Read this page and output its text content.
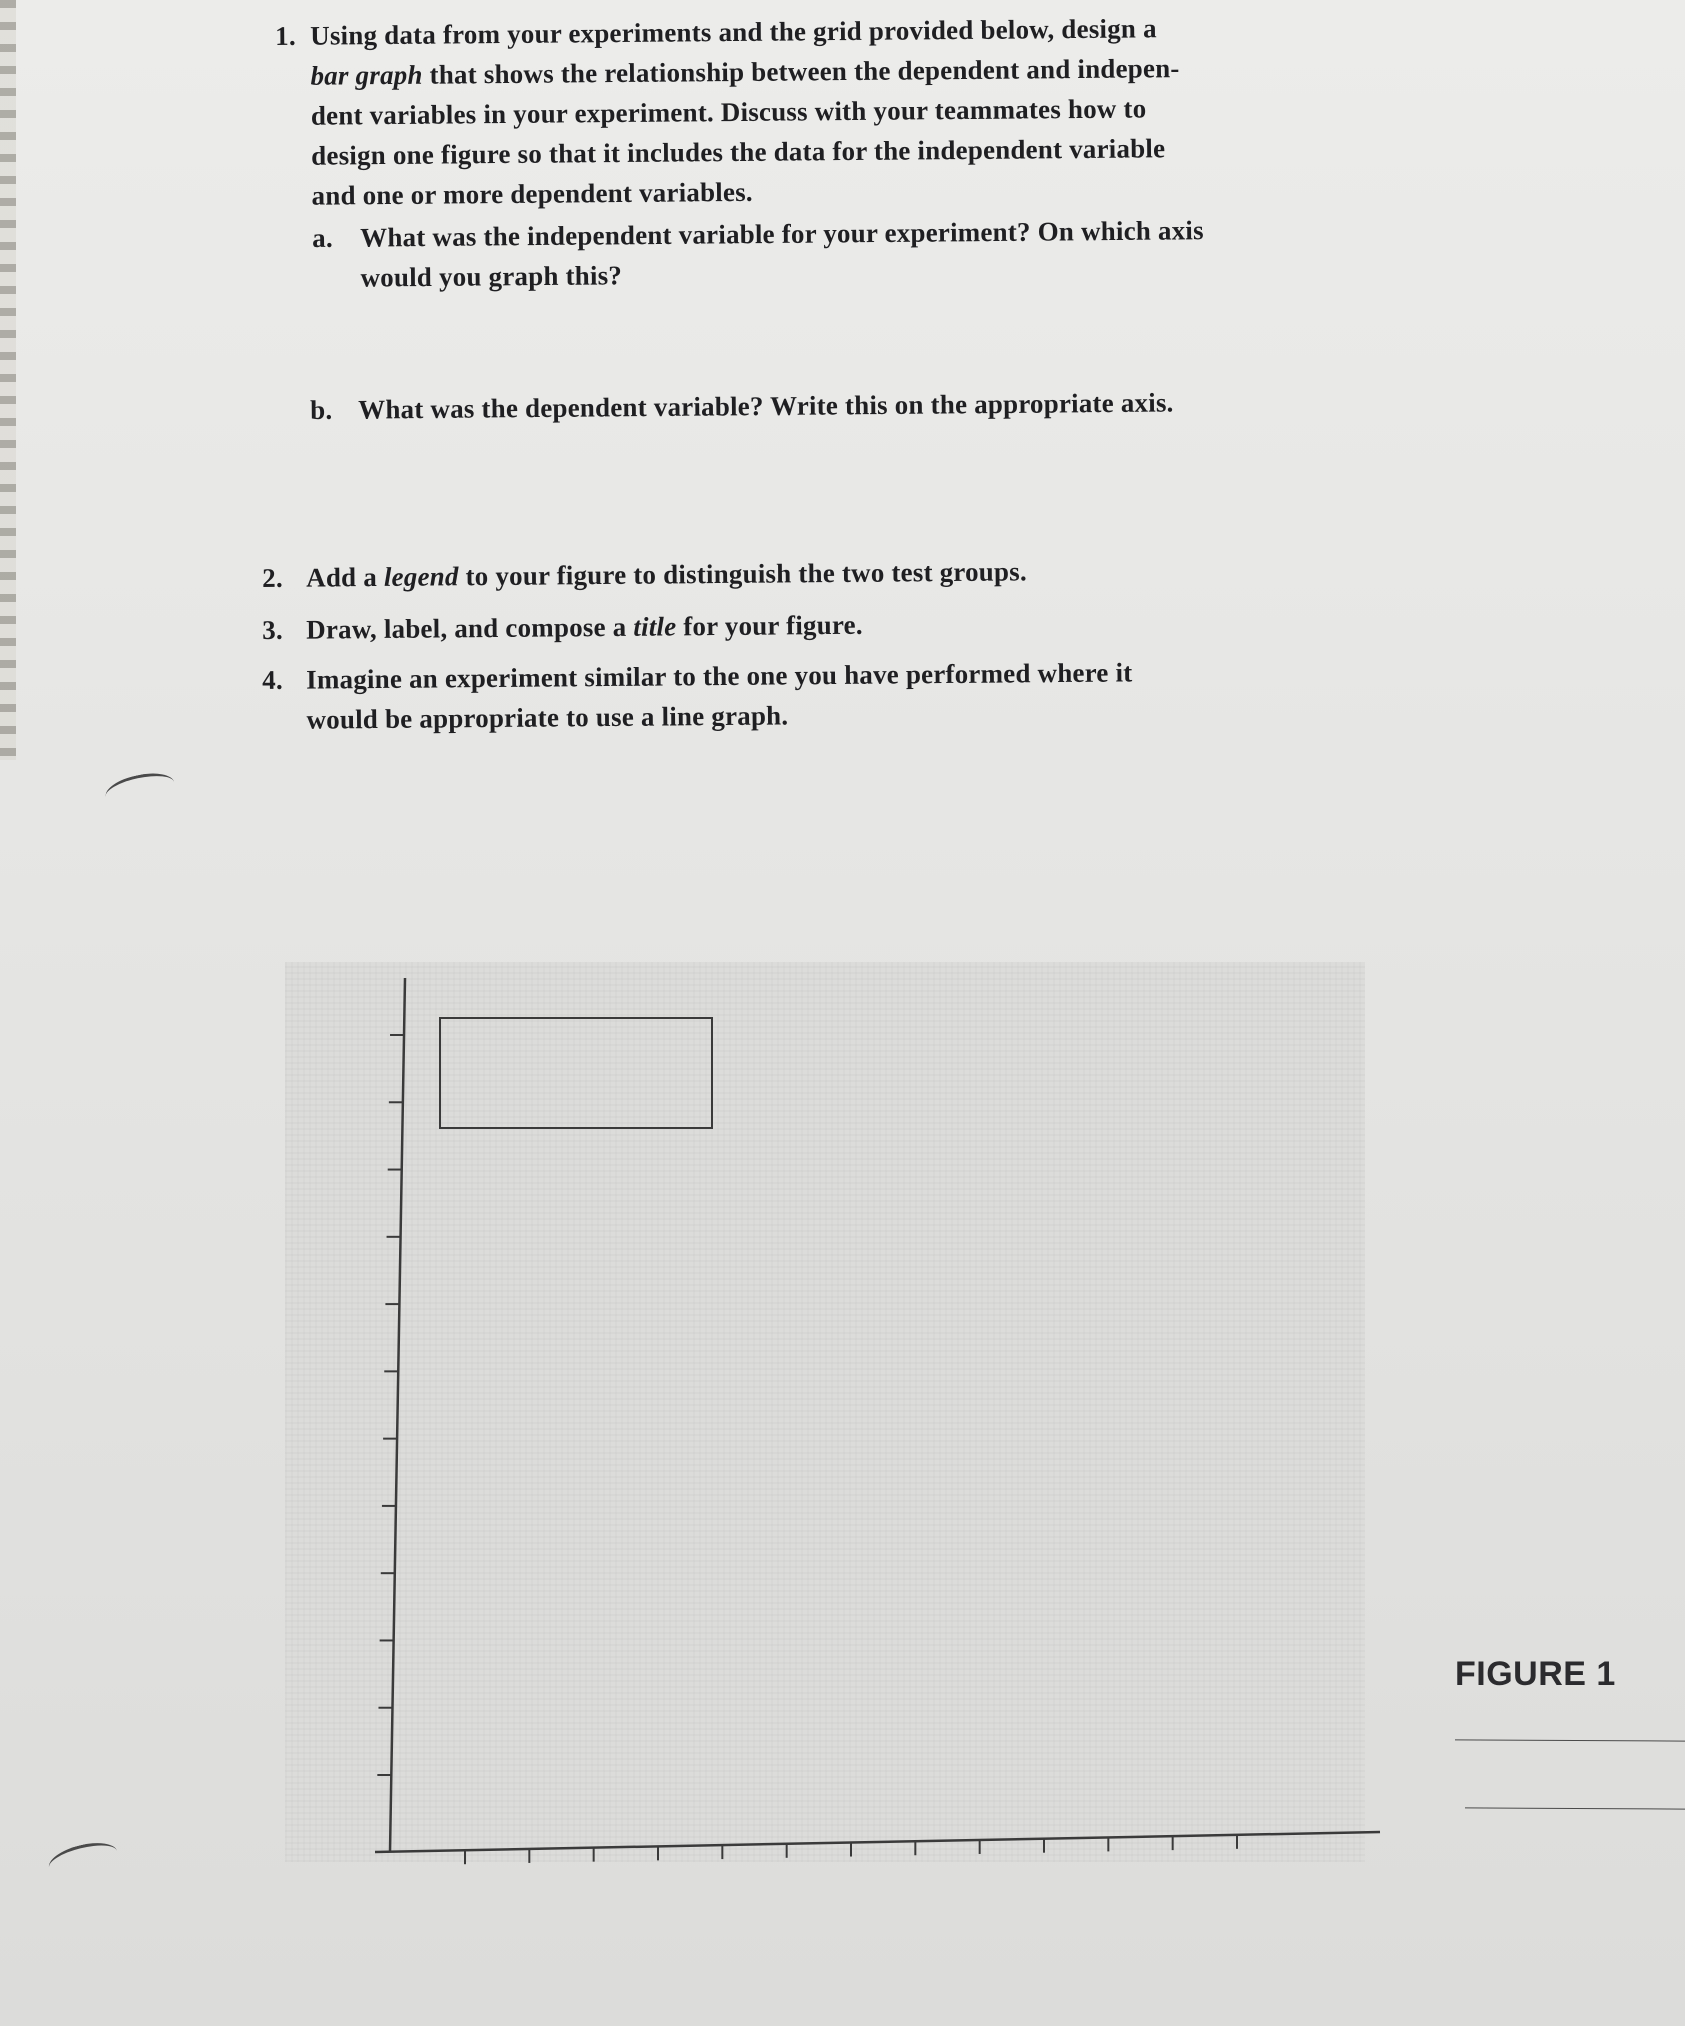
1. Using data from your experiments and the grid provided below, design a
bar graph that shows the relationship between the dependent and indepen-
dent variables in your experiment. Discuss with your teammates how to
design one figure so that it includes the data for the independent variable
and one or more dependent variables.
a. What was the independent variable for your experiment? On which axis
would you graph this?
b. What was the dependent variable? Write this on the appropriate axis.
2. Add a legend to your figure to distinguish the two test groups.
3. Draw, label, and compose a title for your figure.
4. Imagine an experiment similar to the one you have performed where it
would be appropriate to use a line graph.
FIGURE 1
